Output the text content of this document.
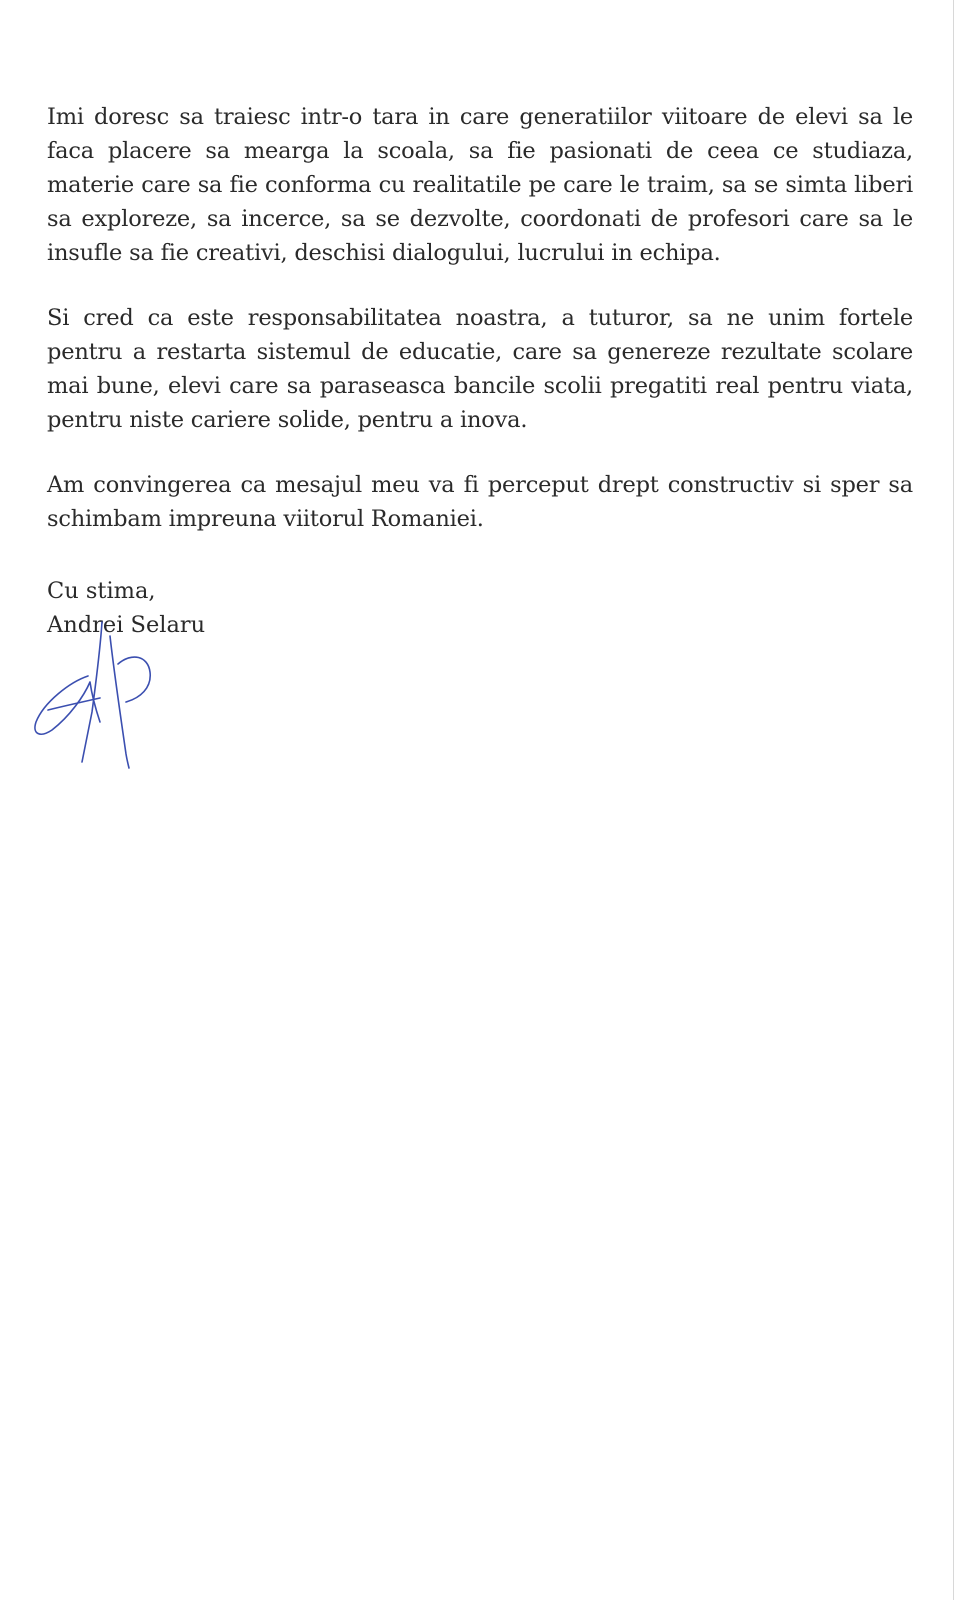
Imi doresc sa traiesc intr-o tara in care generatiilor viitoare de elevi sa le faca placere sa mearga la scoala, sa fie pasionati de ceea ce studiaza, materie care sa fie conforma cu realitatile pe care le traim, sa se simta liberi sa exploreze, sa incerce, sa se dezvolte, coordonati de profesori care sa le insufle sa fie creativi, deschisi dialogului, lucrului in echipa.

Si cred ca este responsabilitatea noastra, a tuturor, sa ne unim fortele pentru a restarta sistemul de educatie, care sa genereze rezultate scolare mai bune, elevi care sa paraseasca bancile scolii pregatiti real pentru viata, pentru niste cariere solide, pentru a inova.

Am convingerea ca mesajul meu va fi perceput drept constructiv si sper sa schimbam impreuna viitorul Romaniei.

Cu stima,
Andrei Selaru
